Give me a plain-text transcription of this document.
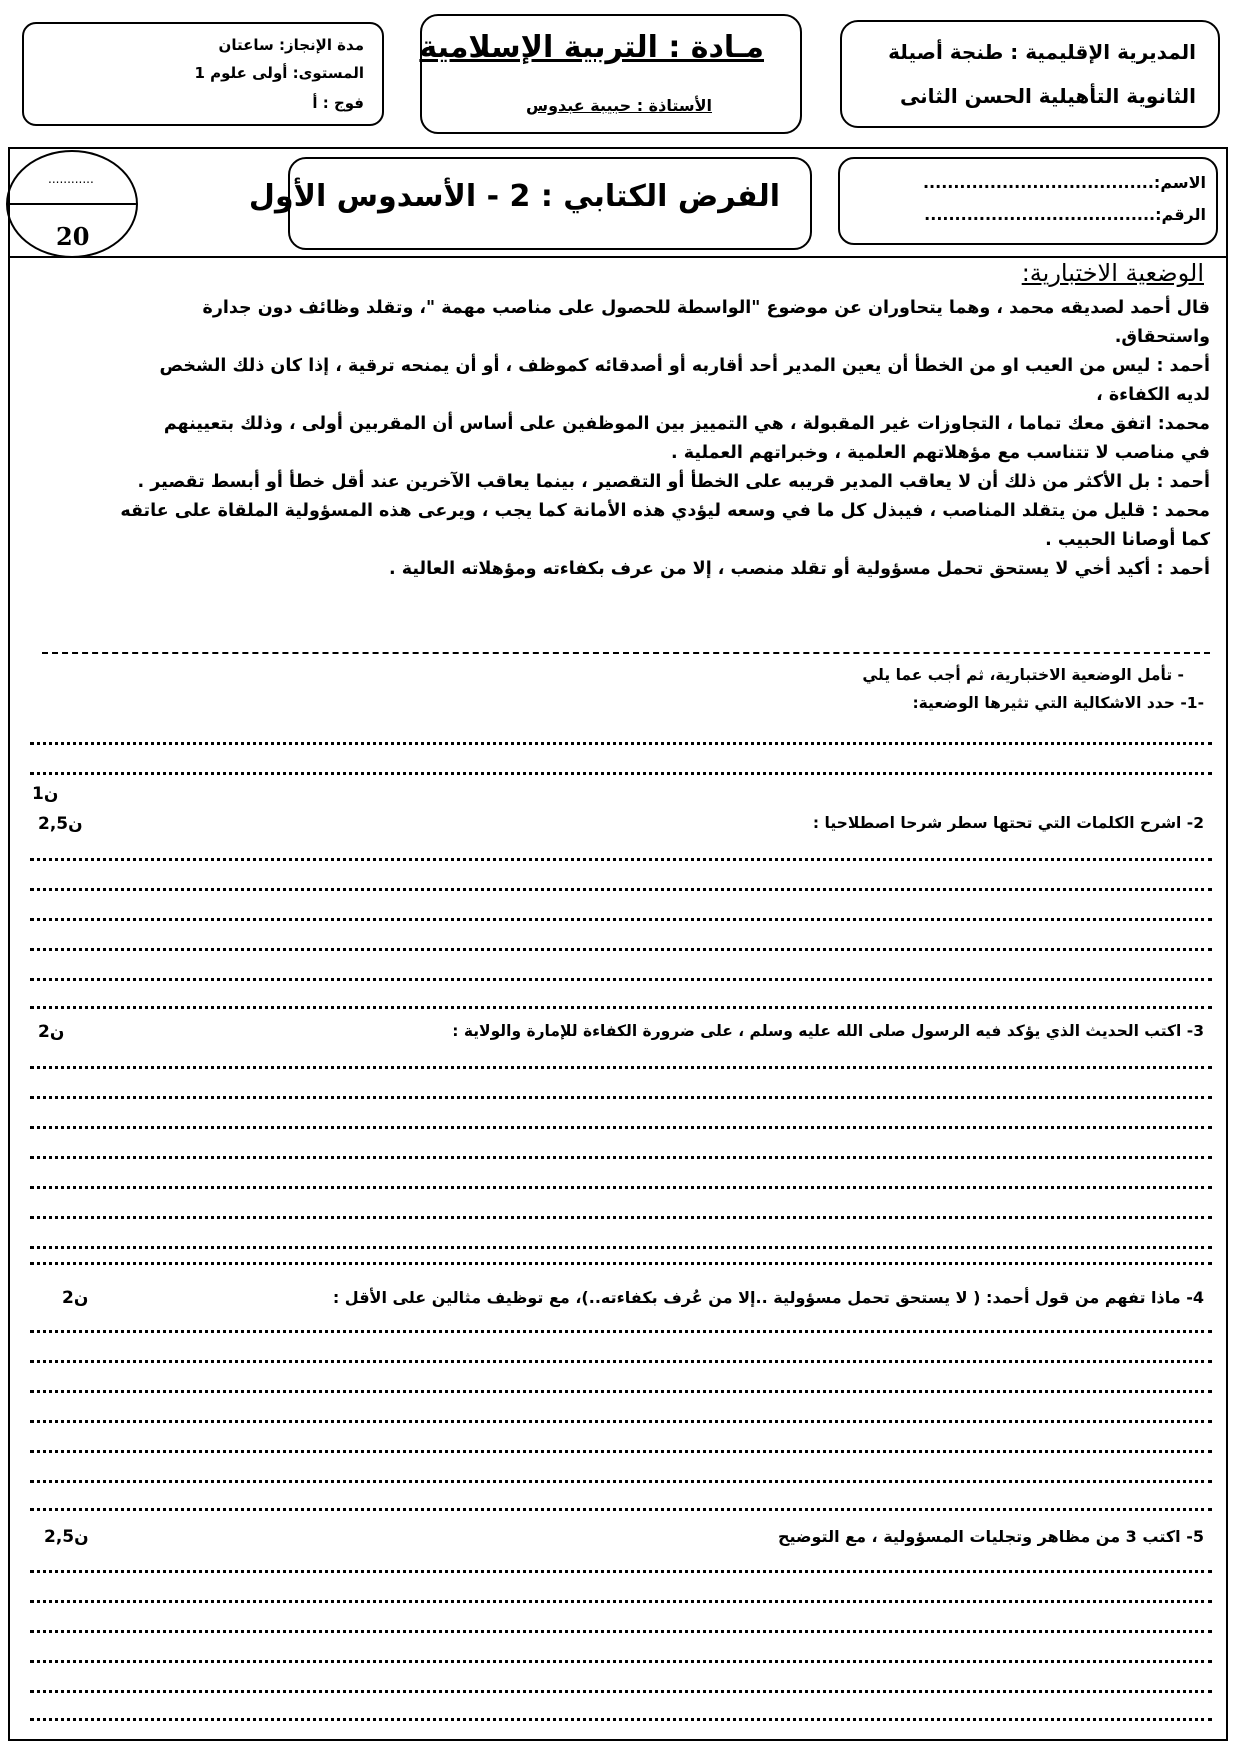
المديرية الإقليمية : طنجة أصيلة
الثانوية التأهيلية الحسن الثانى
مـادة : التربية الإسلامية
الأستاذة : حبيبة عبدوس
مدة الإنجاز: ساعتان
المستوى: أولى علوم 1
فوج : أ
الاسم:......................................
الرقم:......................................
الفرض الكتابي : 2 - الأسدوس الأول
............
20
الوضعية الاختبارية:

قال أحمد لصديقه محمد ، وهما يتحاوران عن موضوع "الواسطة للحصول على مناصب مهمة "، وتقلد وظائف دون جدارة

واستحقاق.

أحمد : ليس من العيب او من الخطأ أن يعين المدير أحد أقاربه أو أصدقائه كموظف ، أو أن يمنحه ترقية ، إذا كان ذلك الشخص

لديه الكفاءة ،

محمد: اتفق معك تماما ، التجاوزات غير المقبولة ، هي التمييز بين الموظفين على أساس أن المقربين أولى ، وذلك بتعيينهم

في مناصب لا تتناسب مع مؤهلاتهم العلمية ، وخبراتهم العملية .

أحمد : بل الأكثر من ذلك أن لا يعاقب المدير قريبه على الخطأ أو التقصير ، بينما يعاقب الآخرين عند أقل خطأ أو أبسط تقصير .

محمد : قليل من يتقلد المناصب ، فيبذل كل ما في وسعه ليؤدي هذه الأمانة كما يجب ، ويرعى هذه المسؤولية الملقاة على عاتقه

كما أوصانا الحبيب .

أحمد : أكيد أخي لا يستحق تحمل مسؤولية أو تقلد منصب ، إلا من عرف بكفاءته ومؤهلاته العالية .

- تأمل الوضعية الاختبارية، ثم أجب عما يلي
-1- حدد الاشكالية التي تثيرها الوضعية:
1ن
2- اشرح الكلمات التي تحتها سطر شرحا اصطلاحيا :
2,5ن
3- اكتب الحديث الذي يؤكد فيه الرسول صلى الله عليه وسلم ، على ضرورة الكفاءة للإمارة والولاية :
2ن
4- ماذا تفهم من قول أحمد: ( لا يستحق تحمل مسؤولية ..إلا من عُرف بكفاءته..)، مع توظيف مثالين على الأقل :
2ن
5- اكتب 3 من مظاهر وتجليات المسؤولية ، مع التوضيح
2,5ن
